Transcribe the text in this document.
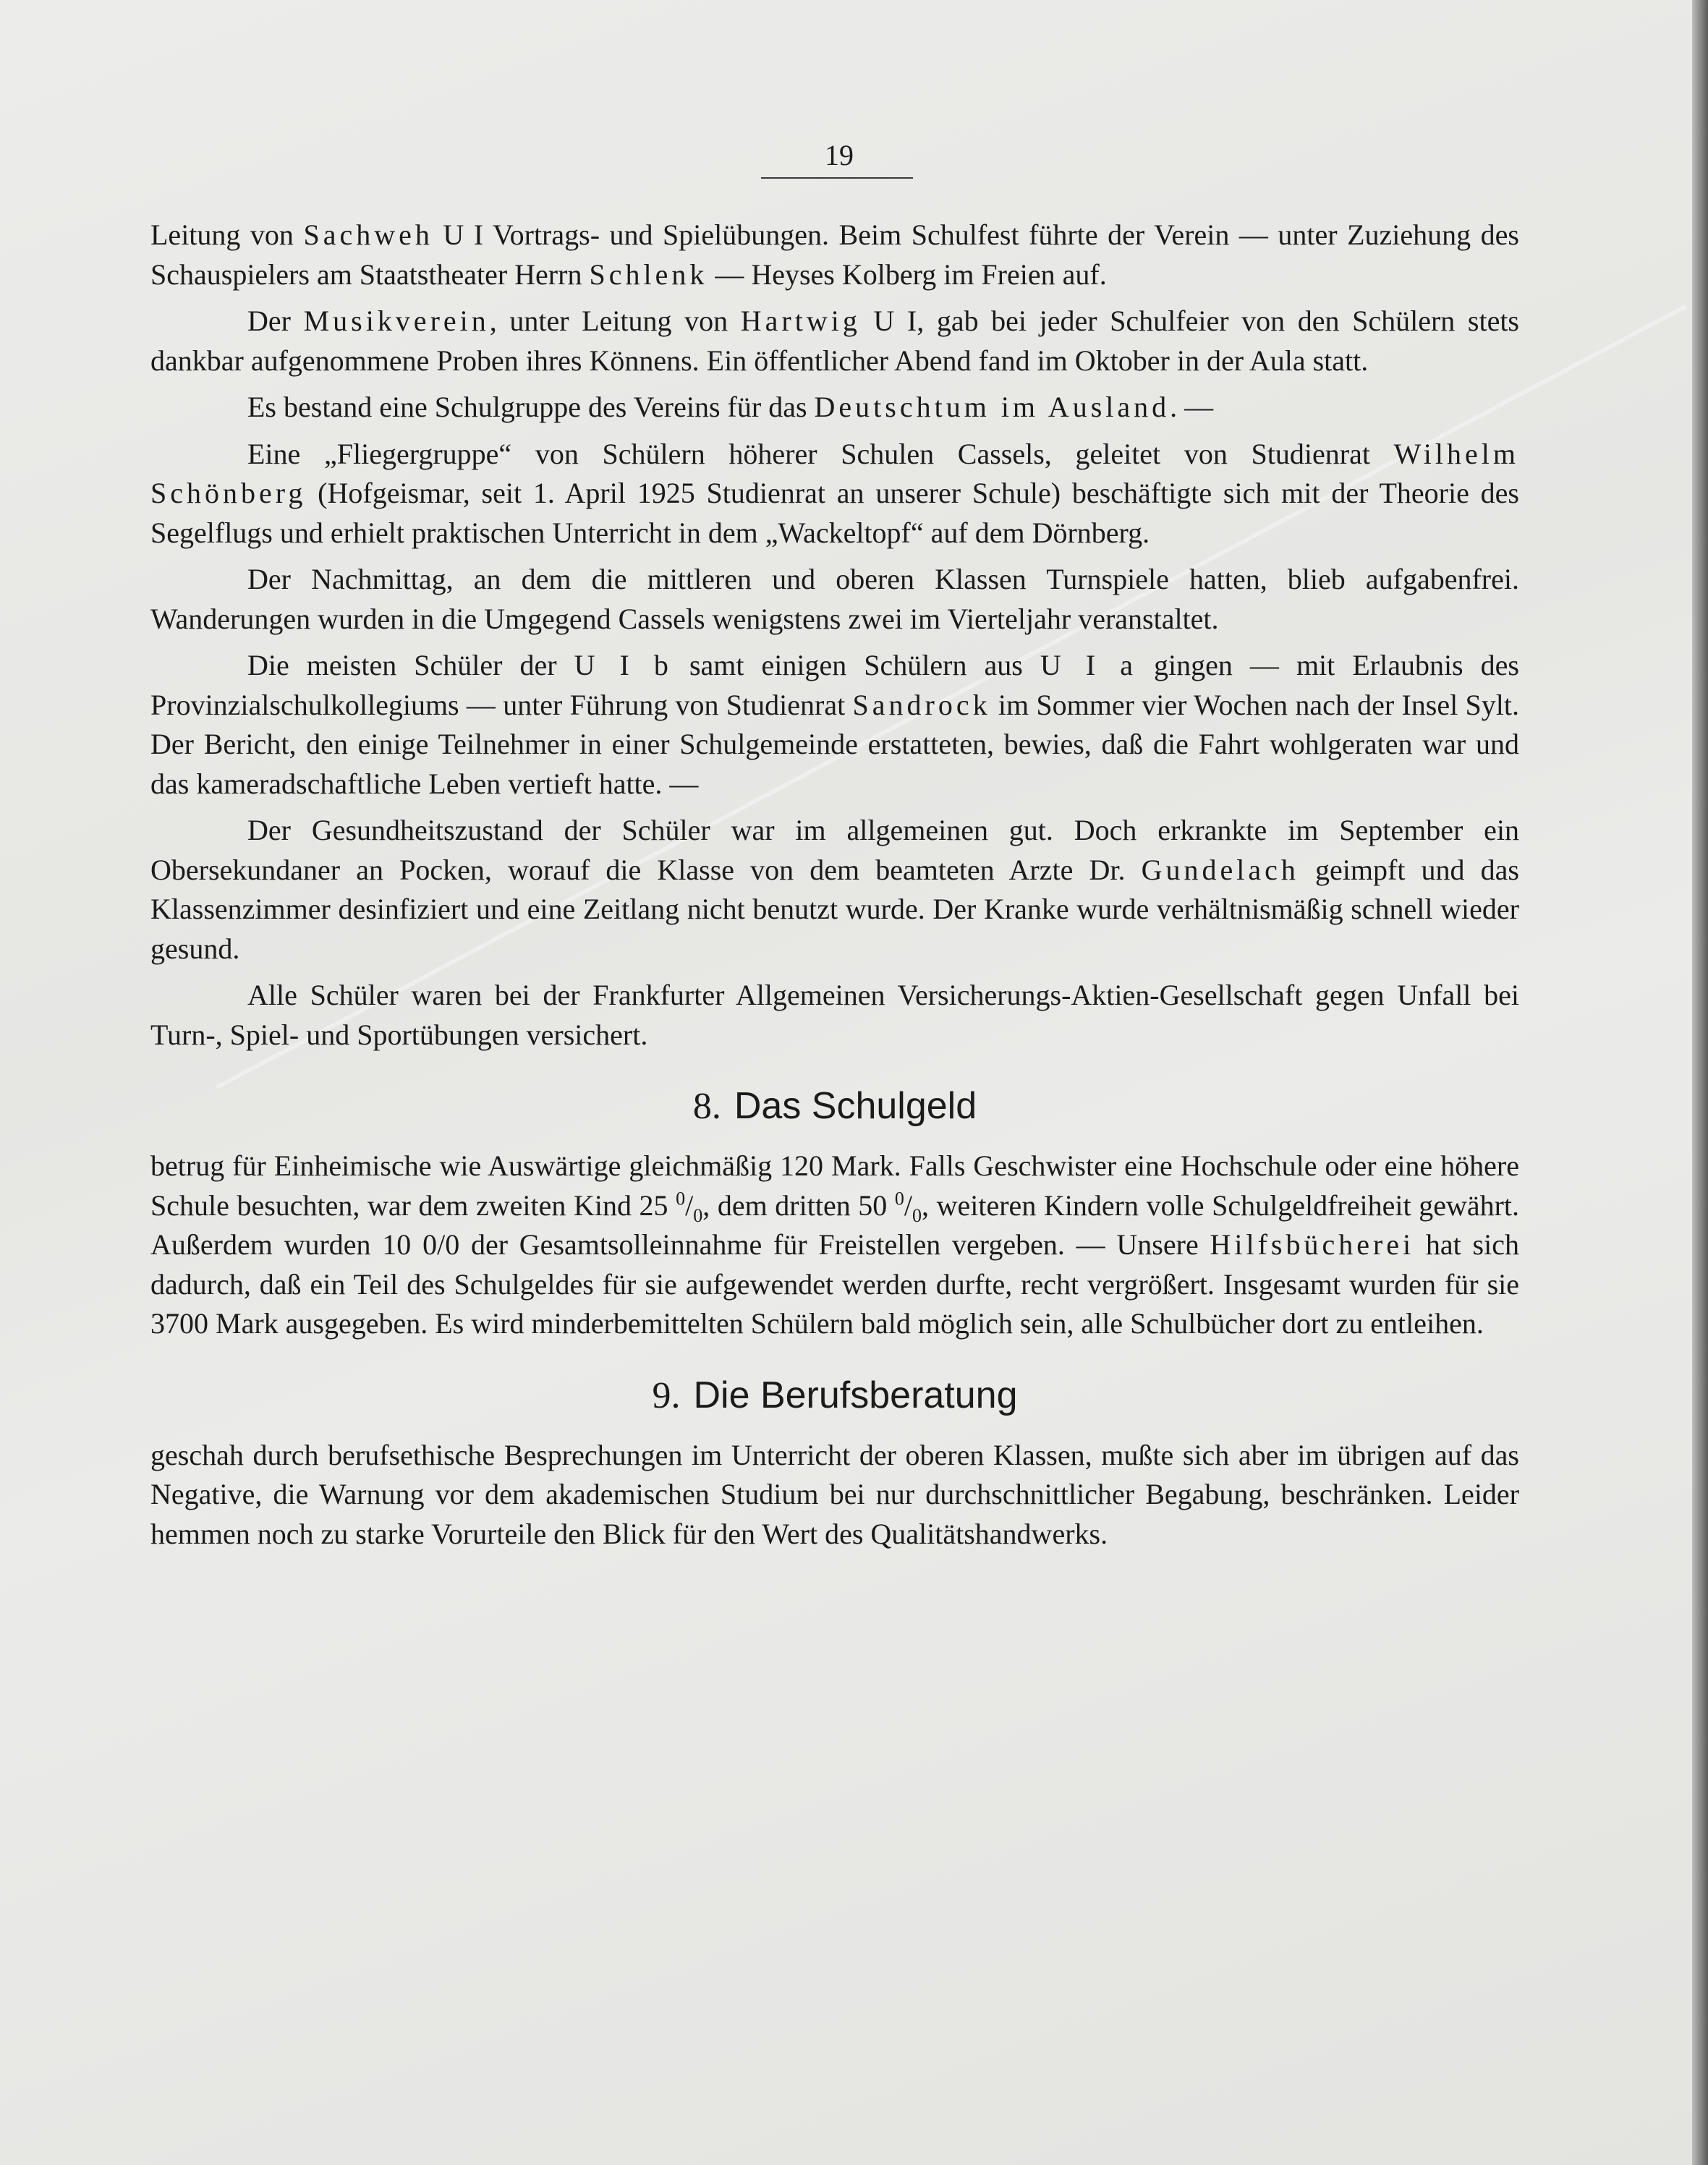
19

Leitung von Sachweh U I Vortrags- und Spielübungen. Beim Schulfest führte der Verein — unter Zuziehung des Schauspielers am Staatstheater Herrn Schlenk — Heyses Kolberg im Freien auf.

Der Musikverein, unter Leitung von Hartwig U I, gab bei jeder Schulfeier von den Schülern stets dankbar aufgenommene Proben ihres Könnens. Ein öffentlicher Abend fand im Oktober in der Aula statt.

Es bestand eine Schulgruppe des Vereins für das Deutschtum im Ausland. —

Eine „Fliegergruppe“ von Schülern höherer Schulen Cassels, geleitet von Studienrat Wilhelm Schönberg (Hofgeismar, seit 1. April 1925 Studienrat an unserer Schule) beschäftigte sich mit der Theorie des Segelflugs und erhielt praktischen Unterricht in dem „Wackeltopf“ auf dem Dörnberg.

Der Nachmittag, an dem die mittleren und oberen Klassen Turnspiele hatten, blieb aufgabenfrei. Wanderungen wurden in die Umgegend Cassels wenigstens zwei im Vierteljahr veranstaltet.

Die meisten Schüler der U I b samt einigen Schülern aus U I a gingen — mit Erlaubnis des Provinzialschulkollegiums — unter Führung von Studienrat Sandrock im Sommer vier Wochen nach der Insel Sylt. Der Bericht, den einige Teilnehmer in einer Schulgemeinde erstatteten, bewies, daß die Fahrt wohlgeraten war und das kameradschaftliche Leben vertieft hatte. —

Der Gesundheitszustand der Schüler war im allgemeinen gut. Doch erkrankte im September ein Obersekundaner an Pocken, worauf die Klasse von dem beamteten Arzte Dr. Gundelach geimpft und das Klassenzimmer desinfiziert und eine Zeitlang nicht benutzt wurde. Der Kranke wurde verhältnismäßig schnell wieder gesund.

Alle Schüler waren bei der Frankfurter Allgemeinen Versicherungs-Aktien-Gesellschaft gegen Unfall bei Turn-, Spiel- und Sportübungen versichert.

8. Das Schulgeld

betrug für Einheimische wie Auswärtige gleichmäßig 120 Mark. Falls Geschwister eine Hochschule oder eine höhere Schule besuchten, war dem zweiten Kind 25 $^0/_0$, dem dritten 50 $^0/_0$, weiteren Kindern volle Schulgeldfreiheit gewährt. Außerdem wurden 10 0/0 der Gesamtsolleinnahme für Freistellen vergeben. — Unsere Hilfsbücherei hat sich dadurch, daß ein Teil des Schulgeldes für sie aufgewendet werden durfte, recht vergrößert. Insgesamt wurden für sie 3700 Mark ausgegeben. Es wird minderbemittelten Schülern bald möglich sein, alle Schulbücher dort zu entleihen.

9. Die Berufsberatung

geschah durch berufsethische Besprechungen im Unterricht der oberen Klassen, mußte sich aber im übrigen auf das Negative, die Warnung vor dem akademischen Studium bei nur durchschnittlicher Begabung, beschränken. Leider hemmen noch zu starke Vorurteile den Blick für den Wert des Qualitätshandwerks.
